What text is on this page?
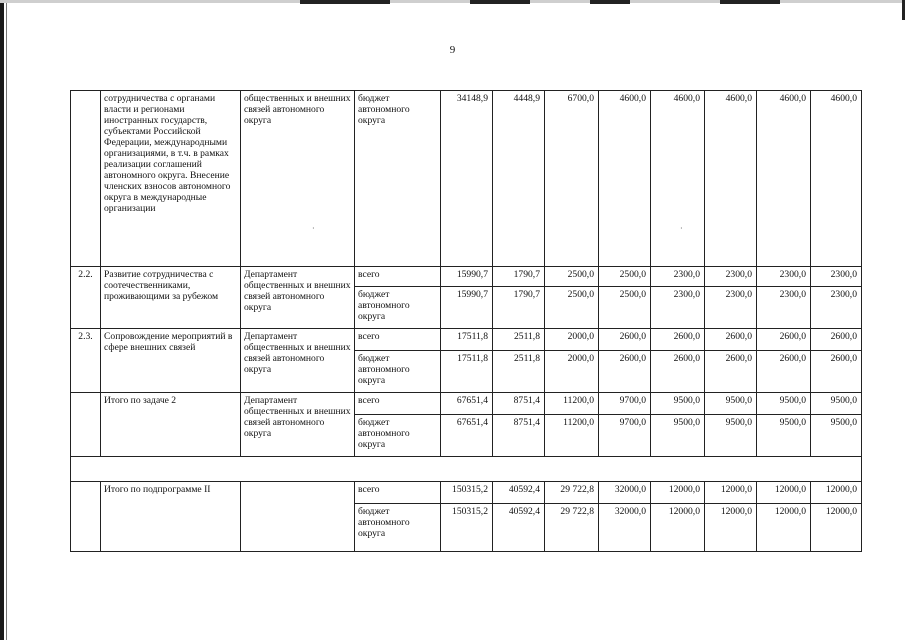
9
	сотрудничества с органами власти и регионами иностранных государств, субъектами Российской Федерации, международными организациями, в т.ч. в рамках реализации соглашений автономного округа. Внесение членских взносов автономного округа в международные организации	общественных и внешних связей автономного округа	бюджет автономного округа	34148,9	4448,9	6700,0	4600,0	4600,0	4600,0	4600,0	4600,0
2.2.	Развитие сотрудничества с соотечественниками, проживающими за рубежом	Департамент общественных и внешних связей автономного округа	всего	15990,7	1790,7	2500,0	2500,0	2300,0	2300,0	2300,0	2300,0
			бюджет автономного округа	15990,7	1790,7	2500,0	2500,0	2300,0	2300,0	2300,0	2300,0
2.3.	Сопровождение мероприятий в сфере внешних связей	Департамент общественных и внешних связей автономного округа	всего	17511,8	2511,8	2000,0	2600,0	2600,0	2600,0	2600,0	2600,0
			бюджет автономного округа	17511,8	2511,8	2000,0	2600,0	2600,0	2600,0	2600,0	2600,0
	Итого по задаче 2	Департамент общественных и внешних связей автономного округа	всего	67651,4	8751,4	11200,0	9700,0	9500,0	9500,0	9500,0	9500,0
			бюджет автономного округа	67651,4	8751,4	11200,0	9700,0	9500,0	9500,0	9500,0	9500,0

	Итого по подпрограмме II		всего	150315,2	40592,4	29 722,8	32000,0	12000,0	12000,0	12000,0	12000,0
			бюджет автономного округа	150315,2	40592,4	29 722,8	32000,0	12000,0	12000,0	12000,0	12000,0
·	·
